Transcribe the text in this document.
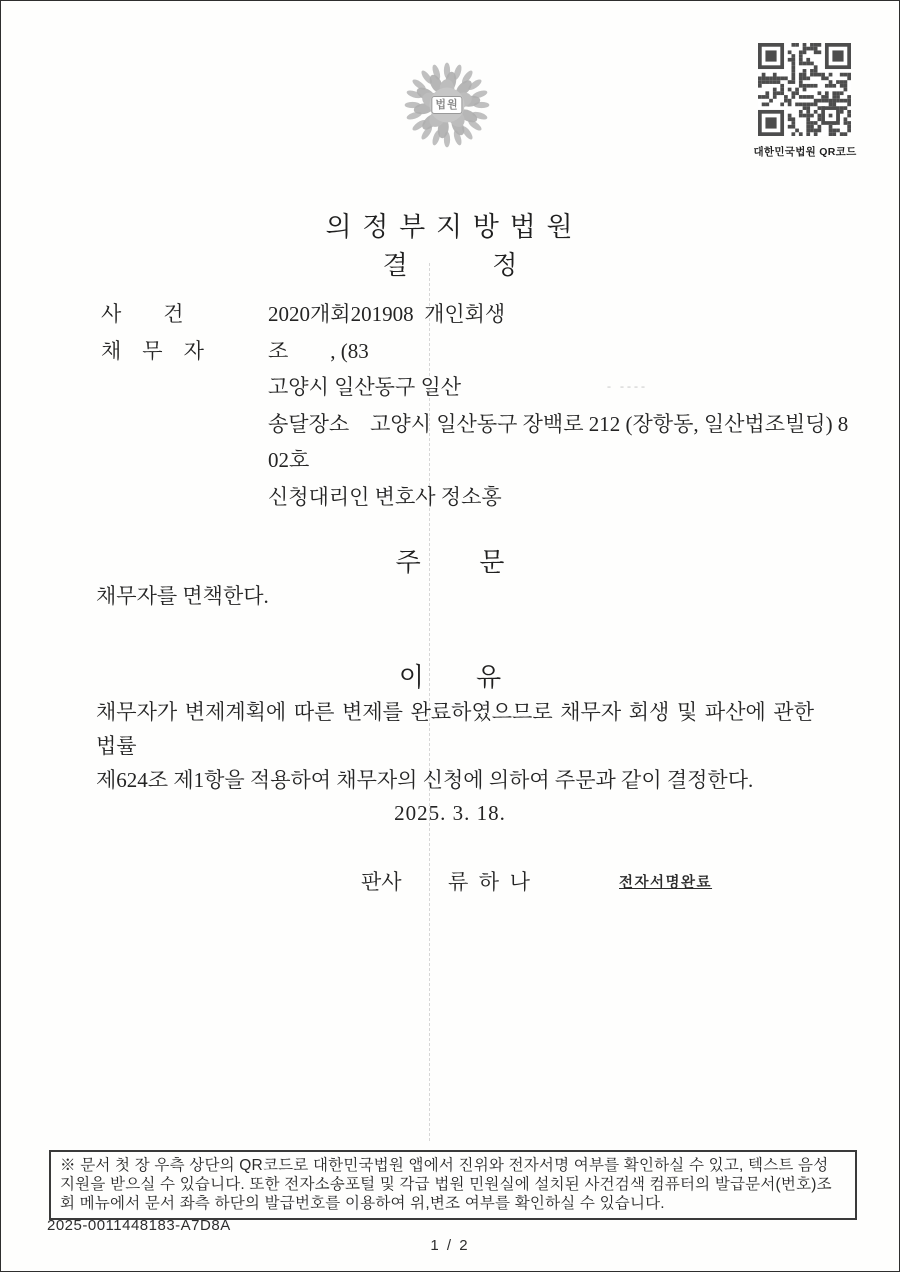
법원
대한민국법원 QR코드
의 정 부 지 방 법 원
결　　　 정
사　　건	2020개회201908  개인회생
채　무　자	조　　, (83
고양시 일산동구 일산	- ----
송달장소　고양시 일산동구 장백로 212 (장항동, 일산법조빌딩) 8
02호
신청대리인 변호사 정소홍
주　　 문
채무자를 면책한다.
이　　유
채무자가 변제계획에 따른 변제를 완료하였으므로 채무자 회생 및 파산에 관한 법률
제624조 제1항을 적용하여 채무자의 신청에 의하여 주문과 같이 결정한다.
2025. 3. 18.
판사 류  하  나	전자서명완료
※ 문서 첫 장 우측 상단의 QR코드로 대한민국법원 앱에서 진위와 전자서명 여부를 확인하실 수 있고, 텍스트 음성
지원을 받으실 수 있습니다. 또한 전자소송포털 및 각급 법원 민원실에 설치된 사건검색 컴퓨터의 발급문서(번호)조
회 메뉴에서 문서 좌측 하단의 발급번호를 이용하여 위,변조 여부를 확인하실 수 있습니다.
2025-0011448183-A7D8A
1 / 2
